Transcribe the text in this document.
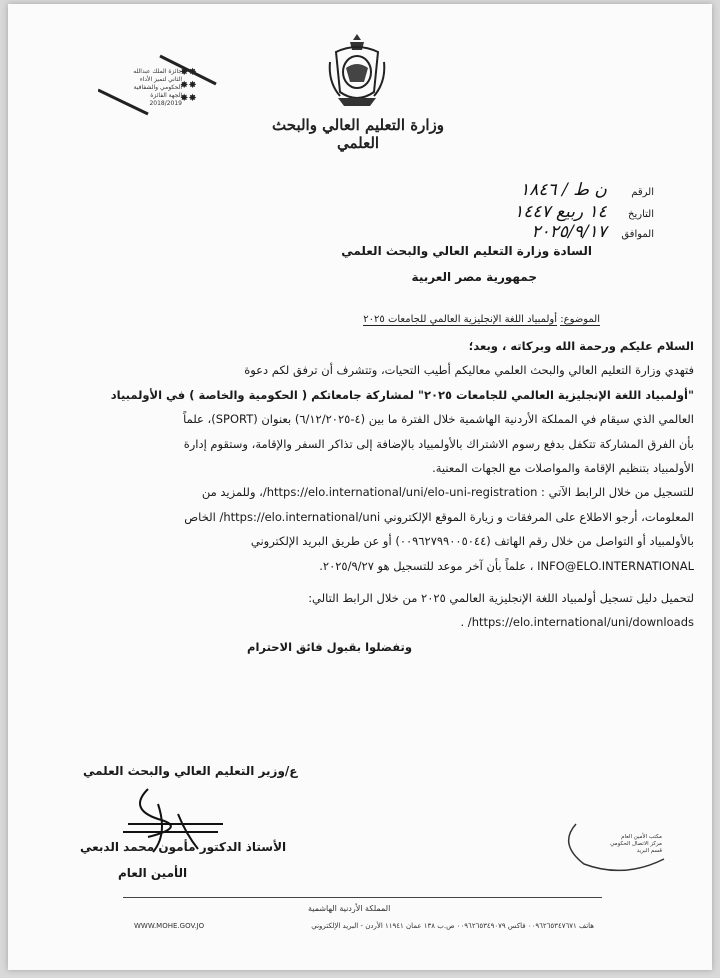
وزارة التعليم العالي والبحث العلمي
جائزة الملك عبدالله
الثاني لتميز الأداء
الحكومي والشفافية
الجهة الفائزة
2018/2019
✸✸
✸✸
✸✸
الرقم ن ط / ١٨٤٦
التاريخ ١٤ ربيع ١٤٤٧
الموافق ٢٠٢٥/٩/١٧
السادة وزارة التعليم العالي والبحث العلمي
جمهورية مصر العربية
الموضوع: أولمبياد اللغة الإنجليزية العالمي للجامعات ٢٠٢٥
السلام عليكم ورحمة الله وبركاته ، وبعد؛
فتهدي وزارة التعليم العالي والبحث العلمي معاليكم أطيب التحيات، وتتشرف أن ترفق لكم دعوة
"أولمبياد اللغة الإنجليزية العالمي للجامعات ٢٠٢٥" لمشاركة جامعاتكم ( الحكومية والخاصة ) في الأولمبياد
العالمي الذي سيقام في المملكة الأردنية الهاشمية خلال الفترة ما بين (٤-٦/١٢/٢٠٢٥) بعنوان (SPORT)، علماً
بأن الفرق المشاركة تتكفل بدفع رسوم الاشتراك بالأولمبياد بالإضافة إلى تذاكر السفر والإقامة، وستقوم إدارة
الأولمبياد بتنظيم الإقامة والمواصلات مع الجهات المعنية.
للتسجيل من خلال الرابط الآتي : https://elo.international/uni/elo-uni-registration/، وللمزيد من
المعلومات، أرجو الاطلاع على المرفقات و زيارة الموقع الإلكتروني https://elo.international/uni/ الخاص
بالأولمبياد أو التواصل من خلال رقم الهاتف (٠٠٩٦٢٧٩٩٠٠٥٠٤٤) أو عن طريق البريد الإلكتروني
INFO@ELO.INTERNATIONAL ، علماً بأن آخر موعد للتسجيل هو ٢٠٢٥/٩/٢٧.
لتحميل دليل تسجيل أولمبياد اللغة الإنجليزية العالمي ٢٠٢٥ من خلال الرابط التالي:
https://elo.international/uni/downloads/ .
وتفضلوا بقبول فائق الاحترام
ع/وزير التعليم العالي والبحث العلمي
الأستاذ الدكتور مأمون محمد الدبعي
الأمين العام
مكتب الأمين العام
مركز الاتصال الحكومي
قسم البريد
المملكة الأردنية الهاشمية
WWW.MOHE.GOV.JO	هاتف ٠٠٩٦٢٦٥٣٤٧٦٧١ فاكس ٠٠٩٦٢٦٥٣٤٩٠٧٩ ص.ب ١٣٨ عمان ١١٩٤١ الأردن - البريد الإلكتروني
